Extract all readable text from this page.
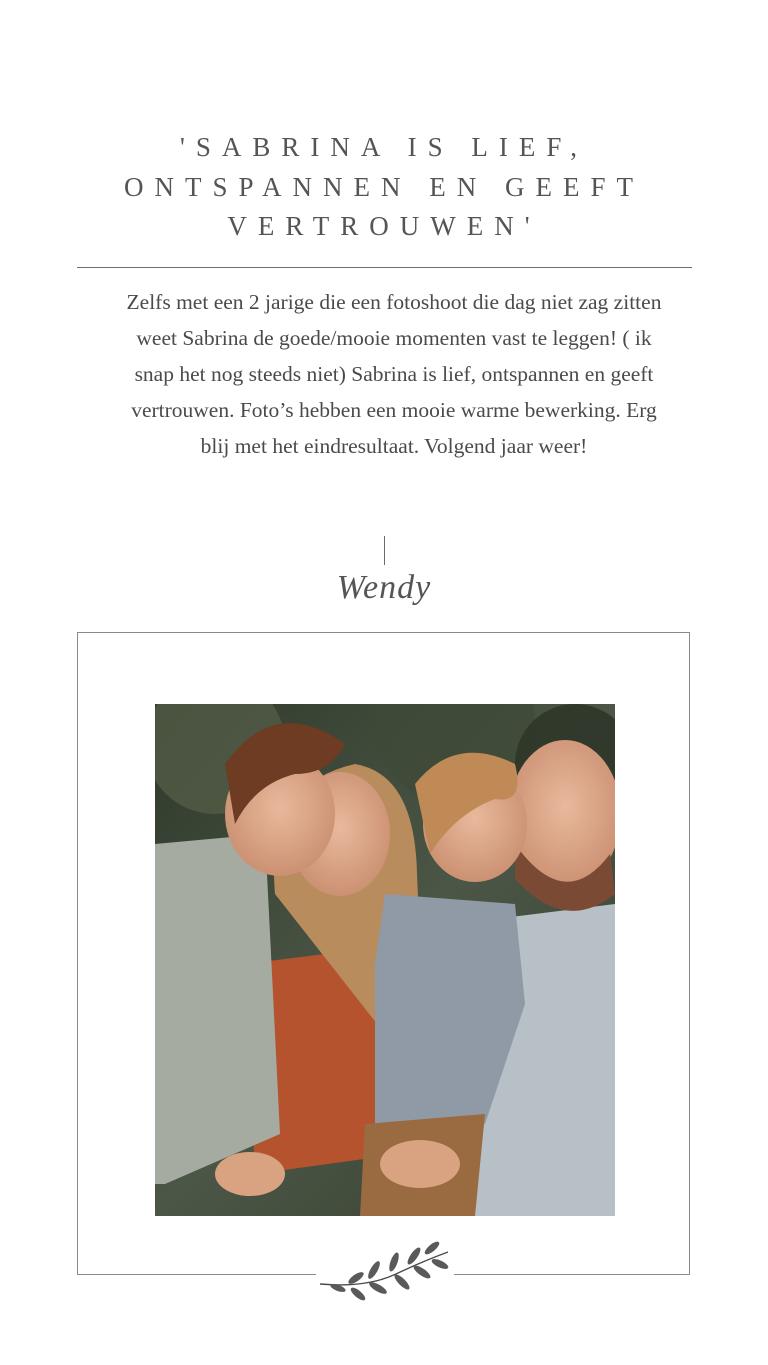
'SABRINA IS LIEF, ONTSPANNEN EN GEEFT VERTROUWEN'

Zelfs met een 2 jarige die een fotoshoot die dag niet zag zitten weet Sabrina de goede/mooie momenten vast te leggen! ( ik snap het nog steeds niet) Sabrina is lief, ontspannen en geeft vertrouwen. Foto’s hebben een mooie warme bewerking. Erg blij met het eindresultaat. Volgend jaar weer!

Wendy
